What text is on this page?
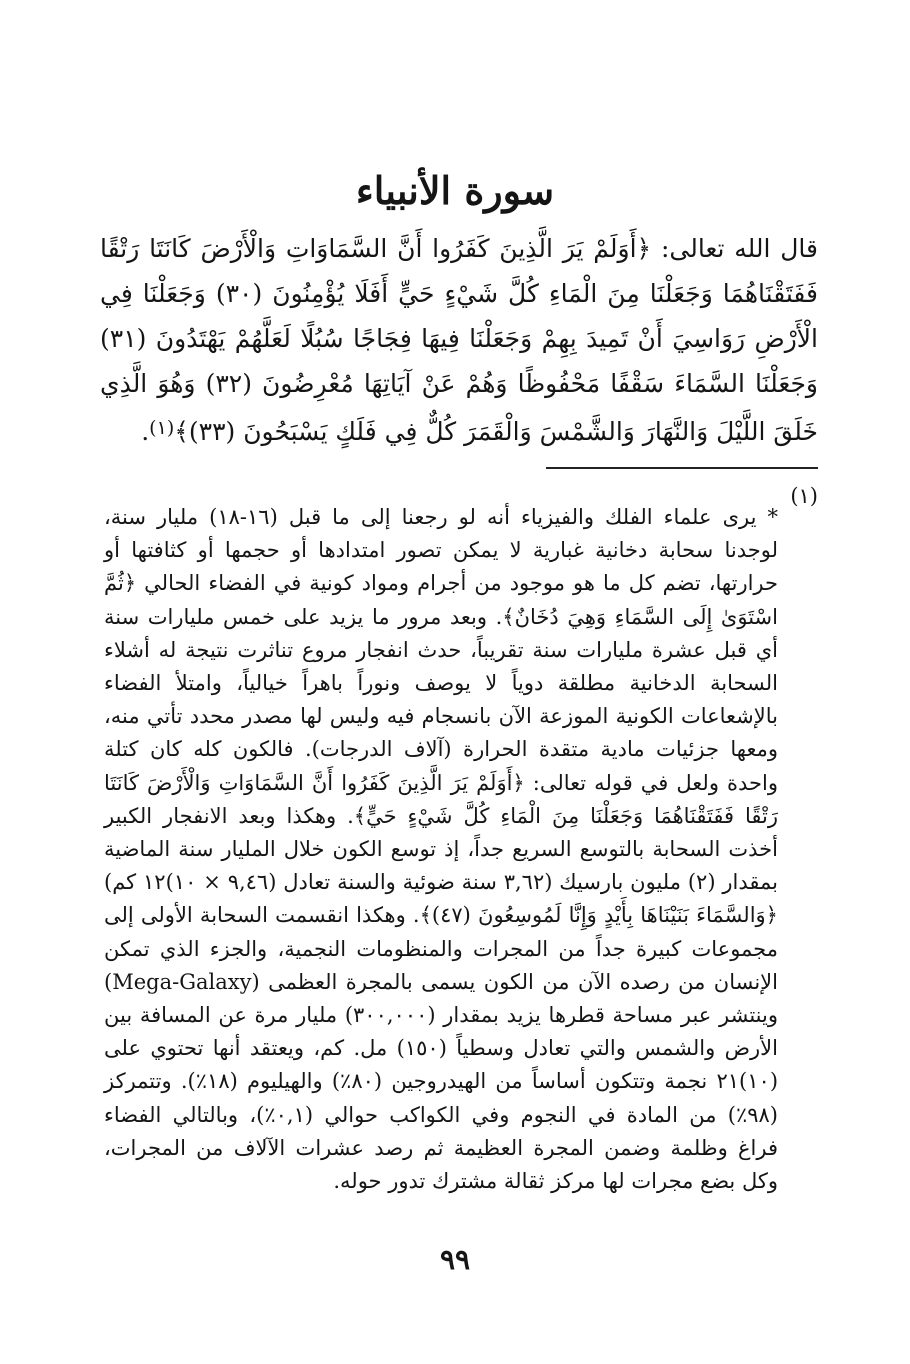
سورة الأنبياء

قال الله تعالى: ﴿أَوَلَمْ يَرَ الَّذِينَ كَفَرُوا أَنَّ السَّمَاوَاتِ وَالْأَرْضَ كَانَتَا رَتْقًا فَفَتَقْنَاهُمَا وَجَعَلْنَا مِنَ الْمَاءِ كُلَّ شَيْءٍ حَيٍّ أَفَلَا يُؤْمِنُونَ (٣٠) وَجَعَلْنَا فِي الْأَرْضِ رَوَاسِيَ أَنْ تَمِيدَ بِهِمْ وَجَعَلْنَا فِيهَا فِجَاجًا سُبُلًا لَعَلَّهُمْ يَهْتَدُونَ (٣١) وَجَعَلْنَا السَّمَاءَ سَقْفًا مَحْفُوظًا وَهُمْ عَنْ آيَاتِهَا مُعْرِضُونَ (٣٢) وَهُوَ الَّذِي خَلَقَ اللَّيْلَ وَالنَّهَارَ وَالشَّمْسَ وَالْقَمَرَ كُلٌّ فِي فَلَكٍ يَسْبَحُونَ (٣٣)﴾$^{(١)}$.

(١)

* يرى علماء الفلك والفيزياء أنه لو رجعنا إلى ما قبل (١٦-١٨) مليار سنة، لوجدنا سحابة دخانية غبارية لا يمكن تصور امتدادها أو حجمها أو كثافتها أو حرارتها، تضم كل ما هو موجود من أجرام ومواد كونية في الفضاء الحالي ﴿ثُمَّ اسْتَوَىٰ إِلَى السَّمَاءِ وَهِيَ دُخَانٌ﴾. وبعد مرور ما يزيد على خمس مليارات سنة أي قبل عشرة مليارات سنة تقريباً، حدث انفجار مروع تناثرت نتيجة له أشلاء السحابة الدخانية مطلقة دوياً لا يوصف ونوراً باهراً خيالياً، وامتلأ الفضاء بالإشعاعات الكونية الموزعة الآن بانسجام فيه وليس لها مصدر محدد تأتي منه، ومعها جزئيات مادية متقدة الحرارة (آلاف الدرجات). فالكون كله كان كتلة واحدة ولعل في قوله تعالى: ﴿أَوَلَمْ يَرَ الَّذِينَ كَفَرُوا أَنَّ السَّمَاوَاتِ وَالْأَرْضَ كَانَتَا رَتْقًا فَفَتَقْنَاهُمَا وَجَعَلْنَا مِنَ الْمَاءِ كُلَّ شَيْءٍ حَيٍّ﴾. وهكذا وبعد الانفجار الكبير أخذت السحابة بالتوسع السريع جداً، إذ توسع الكون خلال المليار سنة الماضية بمقدار (٢) مليون بارسيك (٣,٦٢ سنة ضوئية والسنة تعادل (٩,٤٦ × ١٠)١٢ كم) ﴿وَالسَّمَاءَ بَنَيْنَاهَا بِأَيْدٍ وَإِنَّا لَمُوسِعُونَ (٤٧)﴾. وهكذا انقسمت السحابة الأولى إلى مجموعات كبيرة جداً من المجرات والمنظومات النجمية، والجزء الذي تمكن الإنسان من رصده الآن من الكون يسمى بالمجرة العظمى (Mega-Galaxy) وينتشر عبر مساحة قطرها يزيد بمقدار (٣٠٠,٠٠٠) مليار مرة عن المسافة بين الأرض والشمس والتي تعادل وسطياً (١٥٠) مل. كم، ويعتقد أنها تحتوي على (١٠)٢١ نجمة وتتكون أساساً من الهيدروجين (٨٠٪) والهيليوم (١٨٪). وتتمركز (٩٨٪) من المادة في النجوم وفي الكواكب حوالي (٠,١٪)، وبالتالي الفضاء فراغ وظلمة وضمن المجرة العظيمة ثم رصد عشرات الآلاف من المجرات، وكل بضع مجرات لها مركز ثقالة مشترك تدور حوله.

٩٩
